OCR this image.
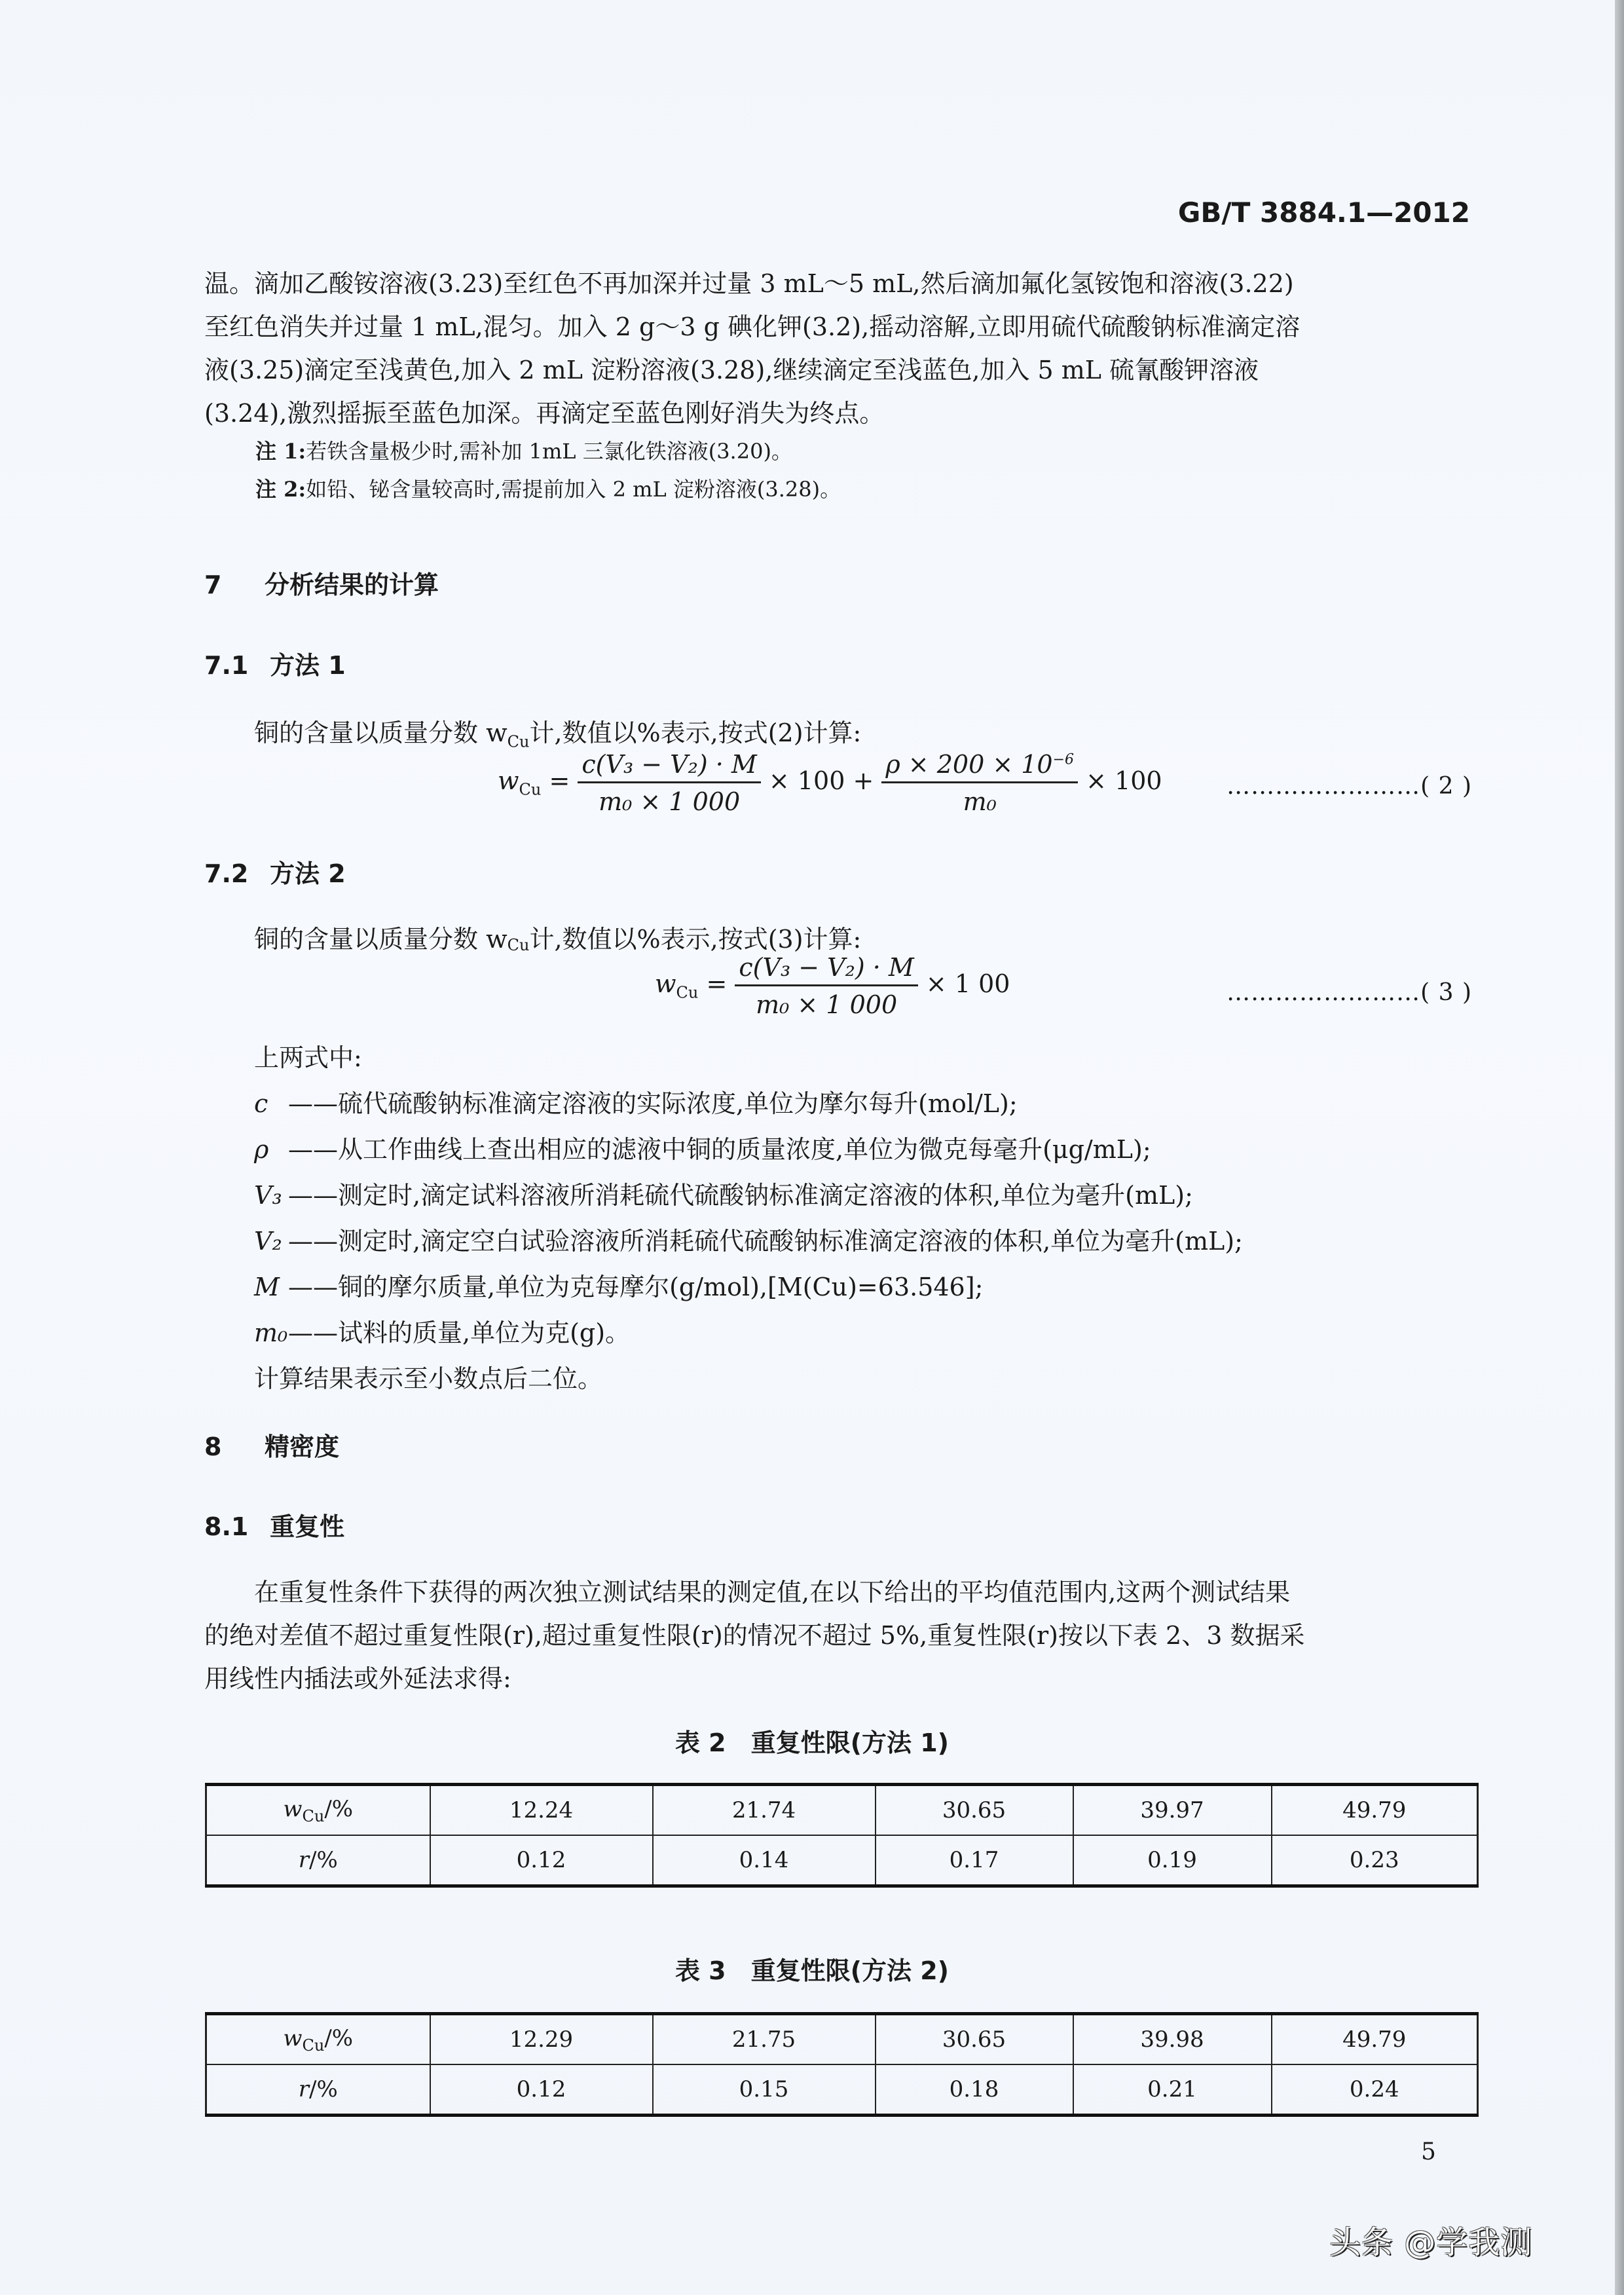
GB/T 3884.1—2012
温。滴加乙酸铵溶液(3.23)至红色不再加深并过量 3 mL～5 mL,然后滴加氟化氢铵饱和溶液(3.22)
至红色消失并过量 1 mL,混匀。加入 2 g～3 g 碘化钾(3.2),摇动溶解,立即用硫代硫酸钠标准滴定溶
液(3.25)滴定至浅黄色,加入 2 mL 淀粉溶液(3.28),继续滴定至浅蓝色,加入 5 mL 硫氰酸钾溶液
(3.24),激烈摇振至蓝色加深。再滴定至蓝色刚好消失为终点。
注 1:若铁含量极少时,需补加 1mL 三氯化铁溶液(3.20)。
注 2:如铅、铋含量较高时,需提前加入 2 mL 淀粉溶液(3.28)。
7 分析结果的计算
7.1 方法 1
铜的含量以质量分数 $w_{Cu}$计,数值以%表示,按式(2)计算:
$w_{Cu} = \frac{\text{c(V₃ − V₂) · M}}{\text{m₀ × 1 000}} \times 100 + \frac{\rho \times 200 \times 10^{-6}}{\text{m₀}} \times 100$	……………………( 2 )
7.2 方法 2
铜的含量以质量分数 $w_{Cu}$计,数值以%表示,按式(3)计算:
$w_{Cu} = \frac{\text{c(V₃ − V₂) · M}}{\text{m₀ × 1 000}} \times 1$ 00	……………………( 3 )
上两式中:
c ——硫代硫酸钠标准滴定溶液的实际浓度,单位为摩尔每升(mol/L);
ρ ——从工作曲线上查出相应的滤液中铜的质量浓度,单位为微克每毫升(μg/mL);
V₃ ——测定时,滴定试料溶液所消耗硫代硫酸钠标准滴定溶液的体积,单位为毫升(mL);
V₂ ——测定时,滴定空白试验溶液所消耗硫代硫酸钠标准滴定溶液的体积,单位为毫升(mL);
M ——铜的摩尔质量,单位为克每摩尔(g/mol),[M(Cu)=63.546];
m₀——试料的质量,单位为克(g)。
计算结果表示至小数点后二位。
8 精密度
8.1 重复性
在重复性条件下获得的两次独立测试结果的测定值,在以下给出的平均值范围内,这两个测试结果
的绝对差值不超过重复性限(r),超过重复性限(r)的情况不超过 5%,重复性限(r)按以下表 2、3 数据采
用线性内插法或外延法求得:
表 2　重复性限(方法 1)
$w_{Cu}/\%$	12.24	21.74	30.65	39.97	49.79
r/%	0.12	0.14	0.17	0.19	0.23
表 3　重复性限(方法 2)
$w_{Cu}/\%$	12.29	21.75	30.65	39.98	49.79
r/%	0.12	0.15	0.18	0.21	0.24
5
头条 @学我测
